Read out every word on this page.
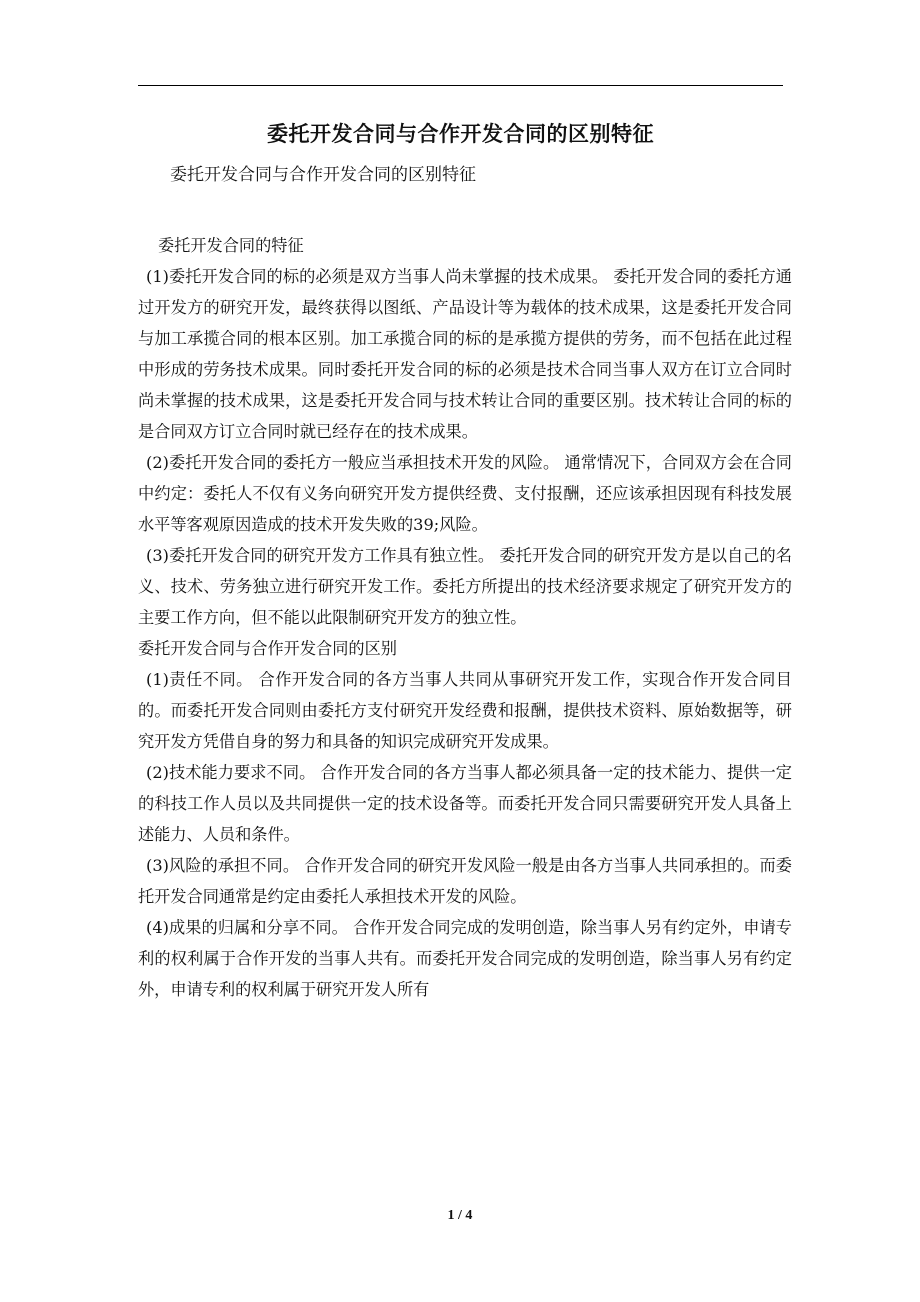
委托开发合同与合作开发合同的区别特征
委托开发合同与合作开发合同的区别特征

委托开发合同的特征

(1)委托开发合同的标的必须是双方当事人尚未掌握的技术成果。 委托开发合同的委托方通过开发方的研究开发，最终获得以图纸、产品设计等为载体的技术成果，这是委托开发合同与加工承揽合同的根本区别。加工承揽合同的标的是承揽方提供的劳务，而不包括在此过程中形成的劳务技术成果。同时委托开发合同的标的必须是技术合同当事人双方在订立合同时尚未掌握的技术成果，这是委托开发合同与技术转让合同的重要区别。技术转让合同的标的是合同双方订立合同时就已经存在的技术成果。

(2)委托开发合同的委托方一般应当承担技术开发的风险。 通常情况下，合同双方会在合同中约定：委托人不仅有义务向研究开发方提供经费、支付报酬，还应该承担因现有科技发展水平等客观原因造成的技术开发失败的39;风险。

(3)委托开发合同的研究开发方工作具有独立性。 委托开发合同的研究开发方是以自己的名义、技术、劳务独立进行研究开发工作。委托方所提出的技术经济要求规定了研究开发方的主要工作方向，但不能以此限制研究开发方的独立性。

委托开发合同与合作开发合同的区别

(1)责任不同。 合作开发合同的各方当事人共同从事研究开发工作，实现合作开发合同目的。而委托开发合同则由委托方支付研究开发经费和报酬，提供技术资料、原始数据等，研究开发方凭借自身的努力和具备的知识完成研究开发成果。

(2)技术能力要求不同。 合作开发合同的各方当事人都必须具备一定的技术能力、提供一定的科技工作人员以及共同提供一定的技术设备等。而委托开发合同只需要研究开发人具备上述能力、人员和条件。

(3)风险的承担不同。 合作开发合同的研究开发风险一般是由各方当事人共同承担的。而委托开发合同通常是约定由委托人承担技术开发的风险。

(4)成果的归属和分享不同。 合作开发合同完成的发明创造，除当事人另有约定外，申请专利的权利属于合作开发的当事人共有。而委托开发合同完成的发明创造，除当事人另有约定外，申请专利的权利属于研究开发人所有

1 / 4
